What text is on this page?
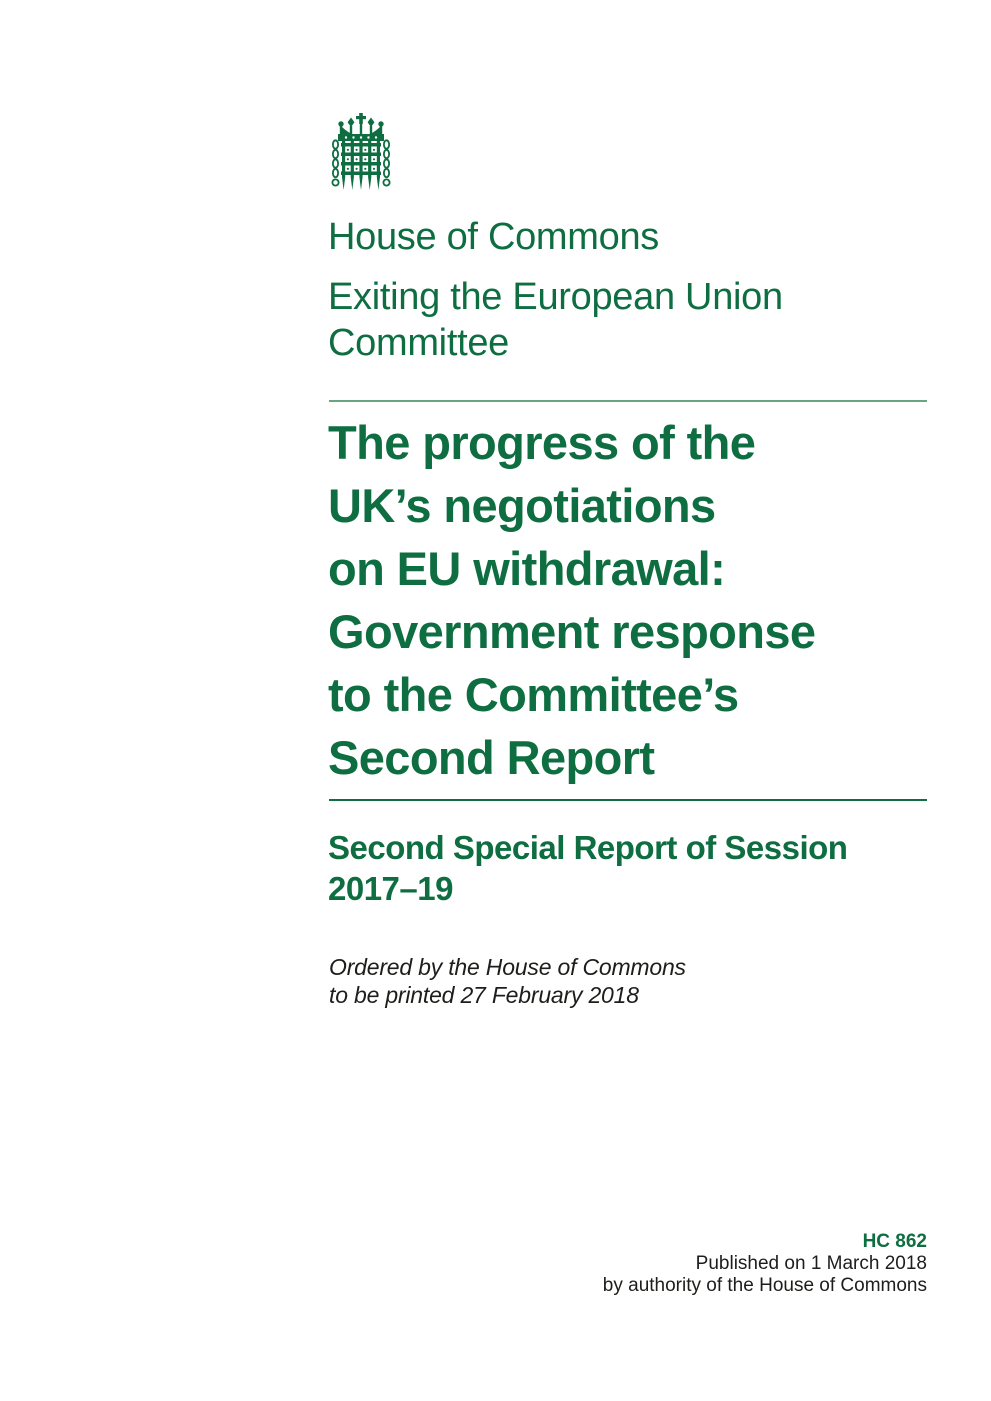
House of Commons
Exiting the European Union
Committee
The progress of the
UK’s negotiations
on EU withdrawal:
Government response
to the Committee’s
Second Report
Second Special Report of Session
2017–19

Ordered by the House of Commons
to be printed 27 February 2018

HC 862
Published on 1 March 2018
by authority of the House of Commons
